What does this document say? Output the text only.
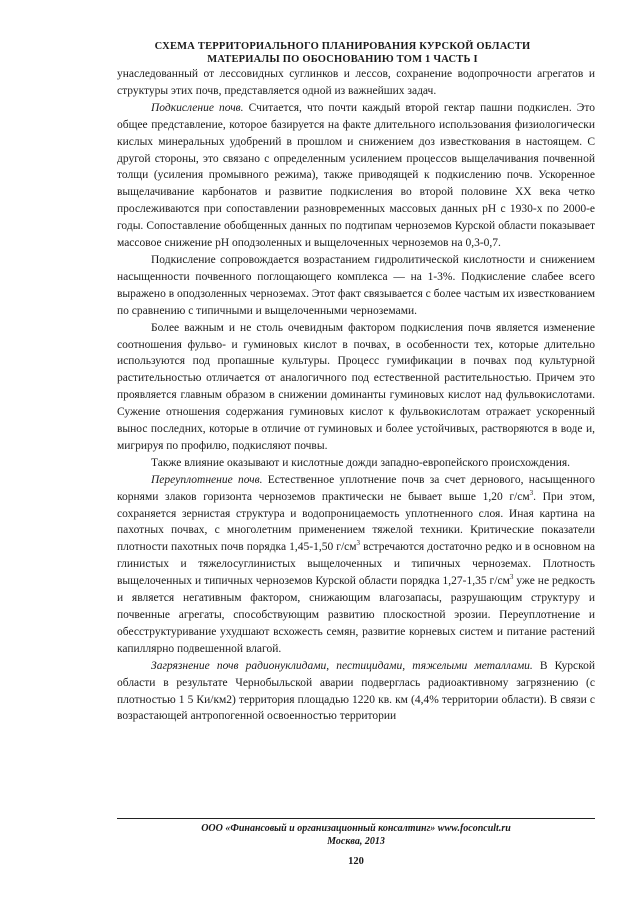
СХЕМА ТЕРРИТОРИАЛЬНОГО ПЛАНИРОВАНИЯ КУРСКОЙ ОБЛАСТИ
МАТЕРИАЛЫ ПО ОБОСНОВАНИЮ ТОМ 1 ЧАСТЬ I

унаследованный от лессовидных суглинков и лессов, сохранение водопрочности агрегатов и структуры этих почв, представляется одной из важнейших задач.

Подкисление почв. Считается, что почти каждый второй гектар пашни подкислен. Это общее представление, которое базируется на факте длительного использования физиологически кислых минеральных удобрений в прошлом и снижением доз известкования в настоящем. С другой стороны, это связано с определенным усилением процессов выщелачивания почвенной толщи (усиления промывного режима), также приводящей к подкислению почв. Ускоренное выщелачивание карбонатов и развитие подкисления во второй половине XX века четко прослеживаются при сопоставлении разновременных массовых данных pH с 1930-х по 2000-е годы. Сопоставление обобщенных данных по подтипам черноземов Курской области показывает массовое снижение pH оподзоленных и выщелоченных черноземов на 0,3-0,7.

Подкисление сопровождается возрастанием гидролитической кислотности и снижением насыщенности почвенного поглощающего комплекса — на 1-3%. Подкисление слабее всего выражено в оподзоленных черноземах. Этот факт связывается с более частым их известкованием по сравнению с типичными и выщелоченными черноземами.

Более важным и не столь очевидным фактором подкисления почв является изменение соотношения фульво- и гуминовых кислот в почвах, в особенности тех, которые длительно используются под пропашные культуры. Процесс гумификации в почвах под культурной растительностью отличается от аналогичного под естественной растительностью. Причем это проявляется главным образом в снижении доминанты гуминовых кислот над фульвокислотами. Сужение отношения содержания гуминовых кислот к фульвокислотам отражает ускоренный вынос последних, которые в отличие от гуминовых и более устойчивых, растворяются в воде и, мигрируя по профилю, подкисляют почвы.

Также влияние оказывают и кислотные дожди западно-европейского происхождения.

Переуплотнение почв. Естественное уплотнение почв за счет дернового, насыщенного корнями злаков горизонта черноземов практически не бывает выше 1,20 $г/см^3$. При этом, сохраняется зернистая структура и водопроницаемость уплотненного слоя. Иная картина на пахотных почвах, с многолетним применением тяжелой техники. Критические показатели плотности пахотных почв порядка 1,45-1,50 $г/см^3$ встречаются достаточно редко и в основном на глинистых и тяжелосуглинистых выщелоченных и типичных черноземах. Плотность выщелоченных и типичных черноземов Курской области порядка 1,27-1,35 $г/см^3$ уже не редкость и является негативным фактором, снижающим влагозапасы, разрушающим структуру и почвенные агрегаты, способствующим развитию плоскостной эрозии. Переуплотнение и обесструктуривание ухудшают всхожесть семян, развитие корневых систем и питание растений капиллярно подвешенной влагой.

Загрязнение почв радионуклидами, пестицидами, тяжелыми металлами. В Курской области в результате Чернобыльской аварии подверглась радиоактивному загрязнению (с плотностью 1 5 Ки/км2) территория площадью 1220 кв. км (4,4% территории области). В связи с возрастающей антропогенной освоенностью территории

ООО «Финансовый и организационный консалтинг» www.foconcult.ru
Москва, 2013
120
